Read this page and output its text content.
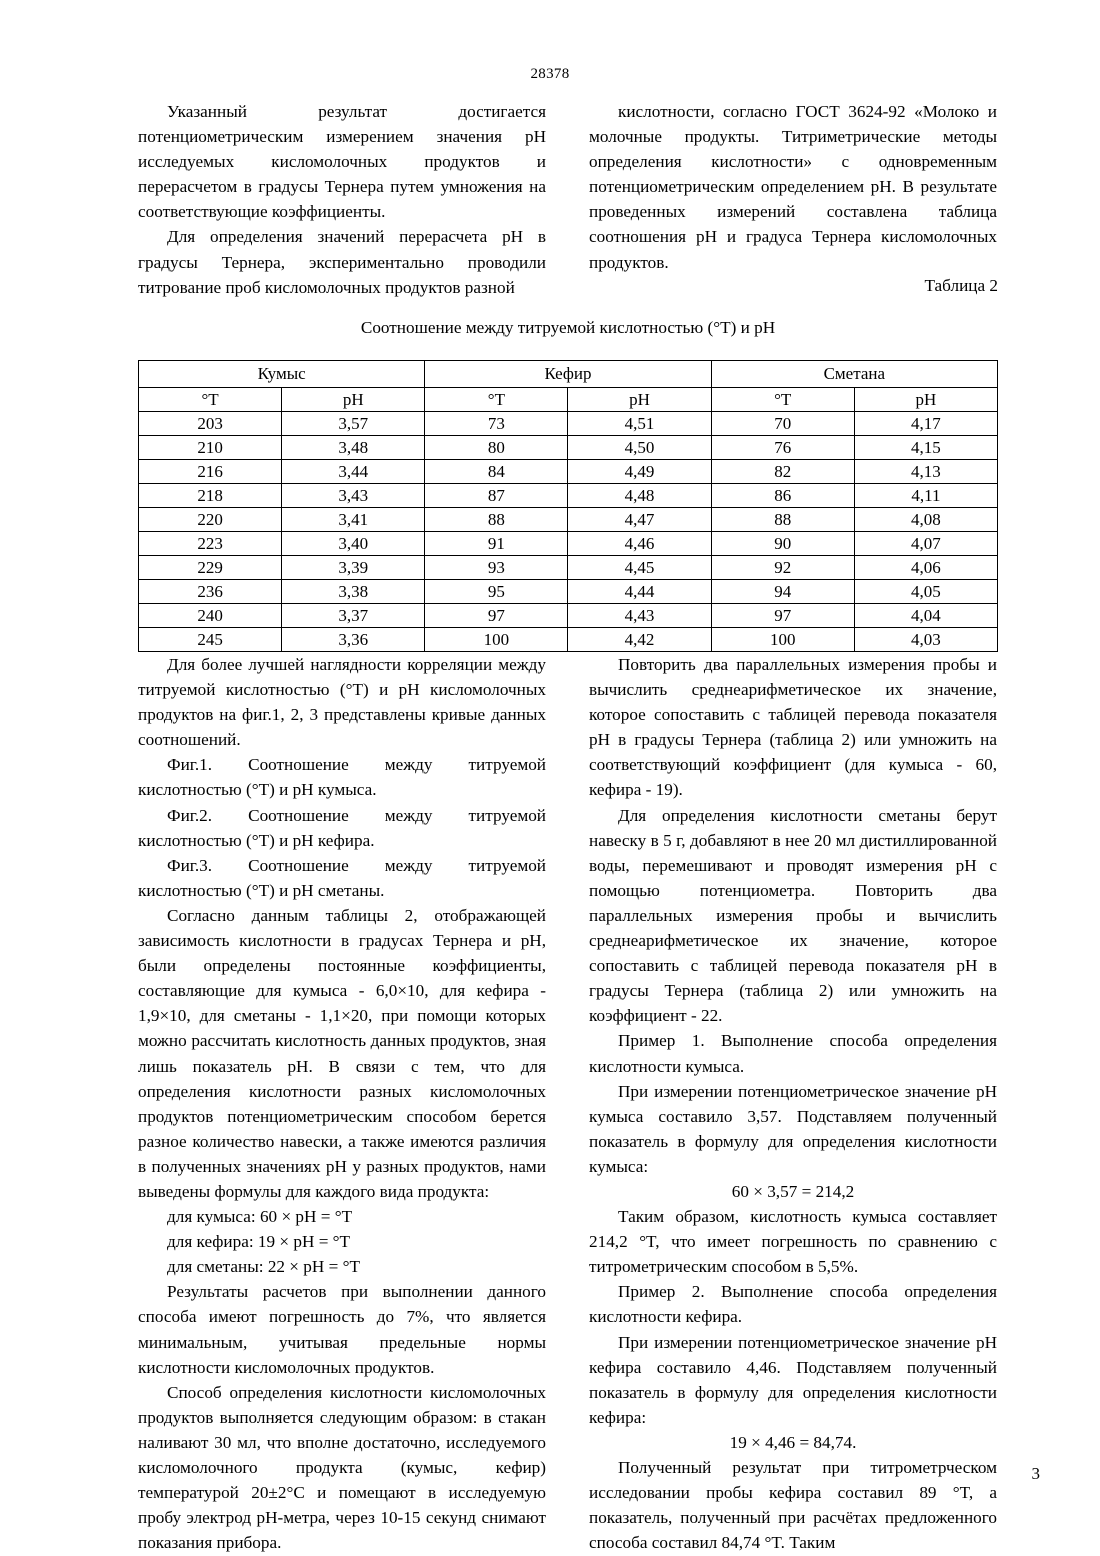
28378

Указанный результат достигается потенциометрическим измерением значения pH исследуемых кисломолочных продуктов и перерасчетом в градусы Тернера путем умножения на соответствующие коэффициенты.

Для определения значений перерасчета pH в градусы Тернера, экспериментально проводили титрование проб кисломолочных продуктов разной

кислотности, согласно ГОСТ 3624-92 «Молоко и молочные продукты. Титриметрические методы определения кислотности» с одновременным потенциометрическим определением pH. В результате проведенных измерений составлена таблица соотношения pH и градуса Тернера кисломолочных продуктов.

Таблица 2
Соотношение между титруемой кислотностью (°T) и pH
Кумыс		Кефир		Сметана	
°T	pH	°T	pH	°T	pH
203	3,57	73	4,51	70	4,17
210	3,48	80	4,50	76	4,15
216	3,44	84	4,49	82	4,13
218	3,43	87	4,48	86	4,11
220	3,41	88	4,47	88	4,08
223	3,40	91	4,46	90	4,07
229	3,39	93	4,45	92	4,06
236	3,38	95	4,44	94	4,05
240	3,37	97	4,43	97	4,04
245	3,36	100	4,42	100	4,03

Для более лучшей наглядности корреляции между титруемой кислотностью (°T) и pH кисломолочных продуктов на фиг.1, 2, 3 представлены кривые данных соотношений.

Фиг.1. Соотношение между титруемой кислотностью (°T) и pH кумыса.

Фиг.2. Соотношение между титруемой кислотностью (°T) и pH кефира.

Фиг.3. Соотношение между титруемой кислотностью (°T) и pH сметаны.

Согласно данным таблицы 2, отображающей зависимость кислотности в градусах Тернера и pH, были определены постоянные коэффициенты, составляющие для кумыса - 6,0×10, для кефира - 1,9×10, для сметаны - 1,1×20, при помощи которых можно рассчитать кислотность данных продуктов, зная лишь показатель pH. В связи с тем, что для определения кислотности разных кисломолочных продуктов потенциометрическим способом берется разное количество навески, а также имеются различия в полученных значениях pH у разных продуктов, нами выведены формулы для каждого вида продукта:

для кумыса: 60 × pH = °T

для кефира: 19 × pH = °T

для сметаны: 22 × pH = °T

Результаты расчетов при выполнении данного способа имеют погрешность до 7%, что является минимальным, учитывая предельные нормы кислотности кисломолочных продуктов.

Способ определения кислотности кисломолочных продуктов выполняется следующим образом: в стакан наливают 30 мл, что вполне достаточно, исследуемого кисломолочного продукта (кумыс, кефир) температурой 20±2°С и помещают в исследуемую пробу электрод pH-метра, через 10-15 секунд снимают показания прибора.

Повторить два параллельных измерения пробы и вычислить среднеарифметическое их значение, которое сопоставить с таблицей перевода показателя pH в градусы Тернера (таблица 2) или умножить на соответствующий коэффициент (для кумыса - 60, кефира - 19).

Для определения кислотности сметаны берут навеску в 5 г, добавляют в нее 20 мл дистиллированной воды, перемешивают и проводят измерения pH с помощью потенциометра. Повторить два параллельных измерения пробы и вычислить среднеарифметическое их значение, которое сопоставить с таблицей перевода показателя pH в градусы Тернера (таблица 2) или умножить на коэффициент - 22.

Пример 1. Выполнение способа определения кислотности кумыса.

При измерении потенциометрическое значение pH кумыса составило 3,57. Подставляем полученный показатель в формулу для определения кислотности кумыса:

60 × 3,57 = 214,2

Таким образом, кислотность кумыса составляет 214,2 °T, что имеет погрешность по сравнению с титрометрическим способом в 5,5%.

Пример 2. Выполнение способа определения кислотности кефира.

При измерении потенциометрическое значение pH кефира составило 4,46. Подставляем полученный показатель в формулу для определения кислотности кефира:

19 × 4,46 = 84,74.

Полученный результат при титрометрческом исследовании пробы кефира составил 89 °T, а показатель, полученный при расчётах предложенного способа составил 84,74 °T. Таким

3
